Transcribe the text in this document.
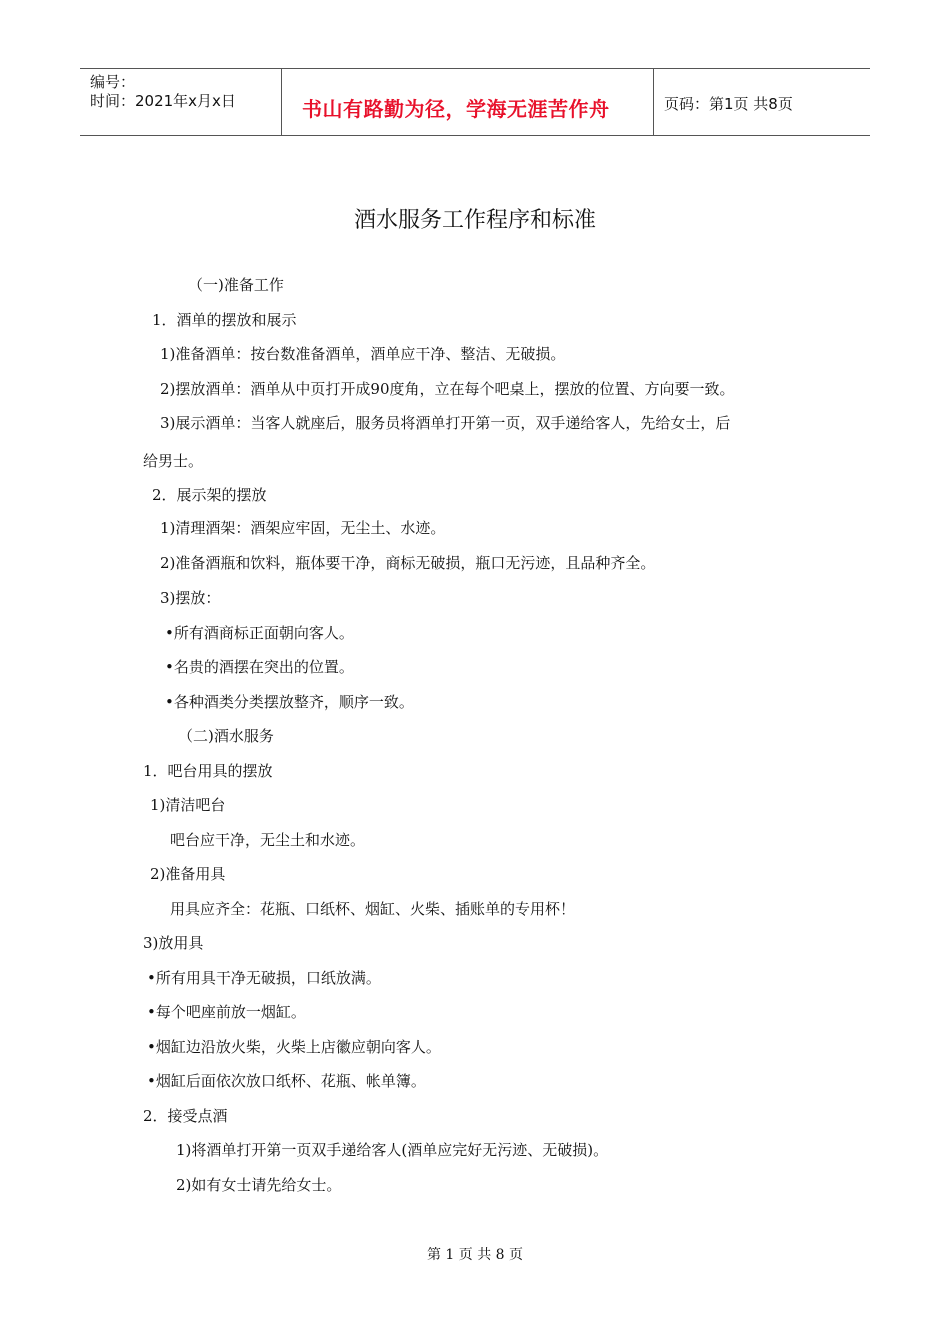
编号：
时间：2021年x月x日	书山有路勤为径，学海无涯苦作舟	页码：第1页 共8页
酒水服务工作程序和标准
（一)准备工作
1．酒单的摆放和展示
1)准备酒单：按台数准备酒单，酒单应干净、整洁、无破损。
2)摆放酒单：酒单从中页打开成90度角，立在每个吧桌上，摆放的位置、方向要一致。
3)展示酒单：当客人就座后，服务员将酒单打开第一页，双手递给客人，先给女士，后
给男士。
2．展示架的摆放
1)清理酒架：酒架应牢固，无尘土、水迹。
2)准备酒瓶和饮料，瓶体要干净，商标无破损，瓶口无污迹，且品种齐全。
3)摆放：
•所有酒商标正面朝向客人。
•名贵的酒摆在突出的位置。
•各种酒类分类摆放整齐，顺序一致。
（二)酒水服务
1．吧台用具的摆放
1)清洁吧台
吧台应干净，无尘土和水迹。
2)准备用具
用具应齐全：花瓶、口纸杯、烟缸、火柴、插账单的专用杯！
3)放用具
•所有用具干净无破损，口纸放满。
•每个吧座前放一烟缸。
•烟缸边沿放火柴，火柴上店徽应朝向客人。
•烟缸后面依次放口纸杯、花瓶、帐单簿。
2．接受点酒
1)将酒单打开第一页双手递给客人(酒单应完好无污迹、无破损)。
2)如有女士请先给女士。
第 1 页 共 8 页
